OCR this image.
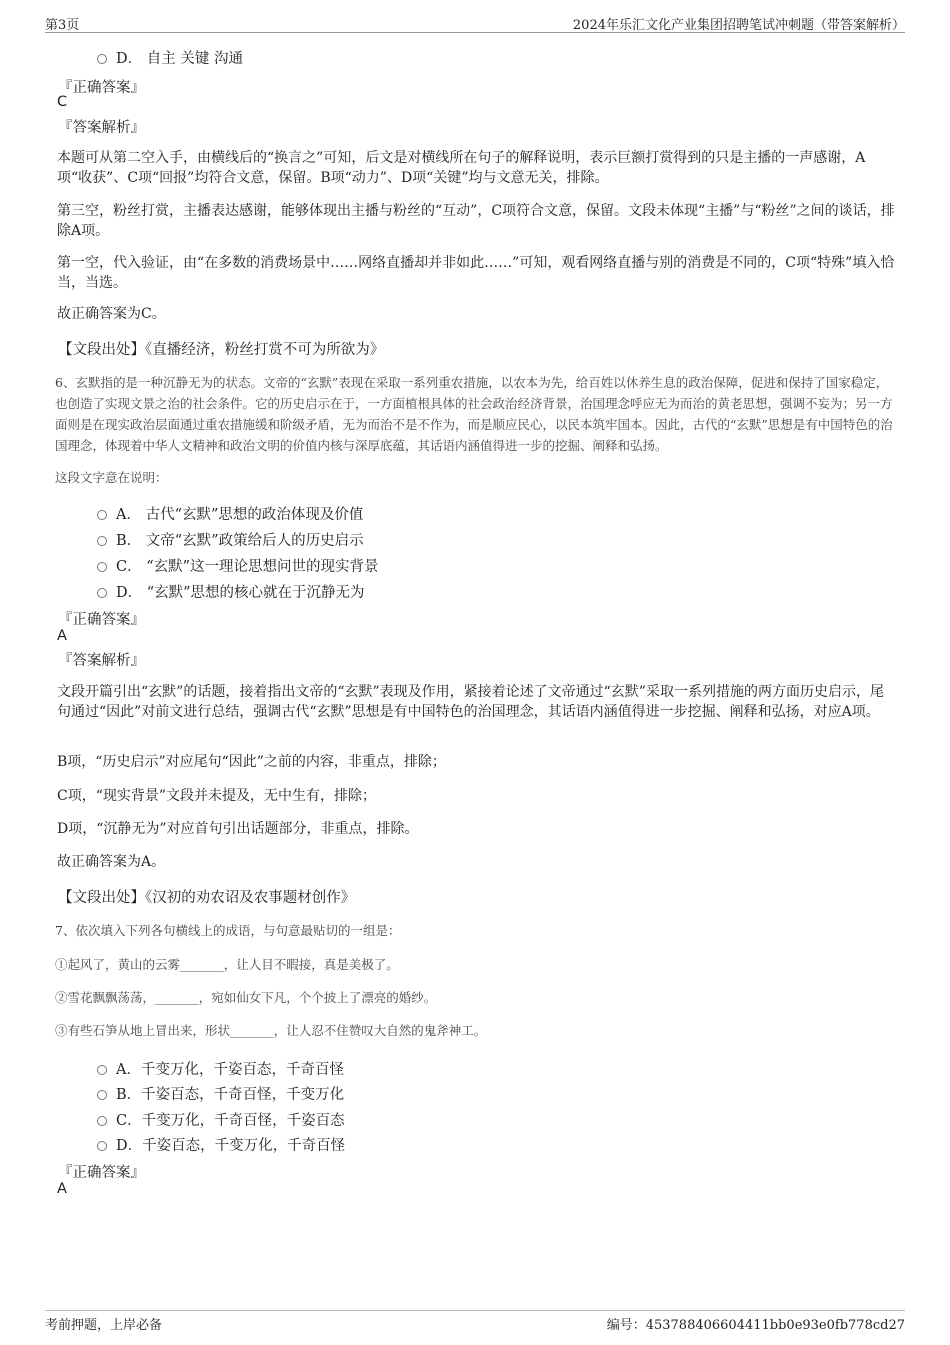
第3页	2024年乐汇文化产业集团招聘笔试冲刺题（带答案解析）
D． 自主 关键 沟通
『正确答案』
C
『答案解析』
本题可从第二空入手，由横线后的“换言之”可知，后文是对横线所在句子的解释说明，表示巨额打赏得到的只是主播的一声感谢，A项“收获”、C项“回报”均符合文意，保留。B项“动力”、D项“关键”均与文意无关，排除。
第三空，粉丝打赏，主播表达感谢，能够体现出主播与粉丝的“互动”，C项符合文意，保留。文段未体现“主播”与“粉丝”之间的谈话，排除A项。
第一空，代入验证，由“在多数的消费场景中……网络直播却并非如此……”可知，观看网络直播与别的消费是不同的，C项“特殊”填入恰当，当选。
故正确答案为C。
【文段出处】《直播经济，粉丝打赏不可为所欲为》
6、玄默指的是一种沉静无为的状态。文帝的“玄默”表现在采取一系列重农措施，以农本为先，给百姓以休养生息的政治保障，促进和保持了国家稳定，也创造了实现文景之治的社会条件。它的历史启示在于，一方面植根具体的社会政治经济背景，治国理念呼应无为而治的黄老思想，强调不妄为；另一方面则是在现实政治层面通过重农措施缓和阶级矛盾，无为而治不是不作为，而是顺应民心，以民本筑牢国本。因此，古代的“玄默”思想是有中国特色的治国理念，体现着中华人文精神和政治文明的价值内核与深厚底蕴，其话语内涵值得进一步的挖掘、阐释和弘扬。
这段文字意在说明：
A． 古代“玄默”思想的政治体现及价值
B． 文帝“玄默”政策给后人的历史启示
C． “玄默”这一理论思想问世的现实背景
D． “玄默”思想的核心就在于沉静无为
『正确答案』
A
『答案解析』
文段开篇引出“玄默”的话题，接着指出文帝的“玄默”表现及作用，紧接着论述了文帝通过“玄默”采取一系列措施的两方面历史启示，尾句通过“因此”对前文进行总结，强调古代“玄默”思想是有中国特色的治国理念，其话语内涵值得进一步挖掘、阐释和弘扬，对应A项。
B项，“历史启示”对应尾句“因此”之前的内容，非重点，排除；
C项，“现实背景”文段并未提及，无中生有，排除；
D项，“沉静无为”对应首句引出话题部分，非重点，排除。
故正确答案为A。
【文段出处】《汉初的劝农诏及农事题材创作》
7、依次填入下列各句横线上的成语，与句意最贴切的一组是：
①起风了，黄山的云雾_______，让人目不暇接，真是美极了。
②雪花飘飘荡荡，_______，宛如仙女下凡，个个披上了漂亮的婚纱。
③有些石笋从地上冒出来，形状_______，让人忍不住赞叹大自然的鬼斧神工。
A．千变万化，千姿百态，千奇百怪
B．千姿百态，千奇百怪，千变万化
C．千变万化，千奇百怪，千姿百态
D．千姿百态，千变万化，千奇百怪
『正确答案』
A
考前押题，上岸必备	编号：453788406604411bb0e93e0fb778cd27
